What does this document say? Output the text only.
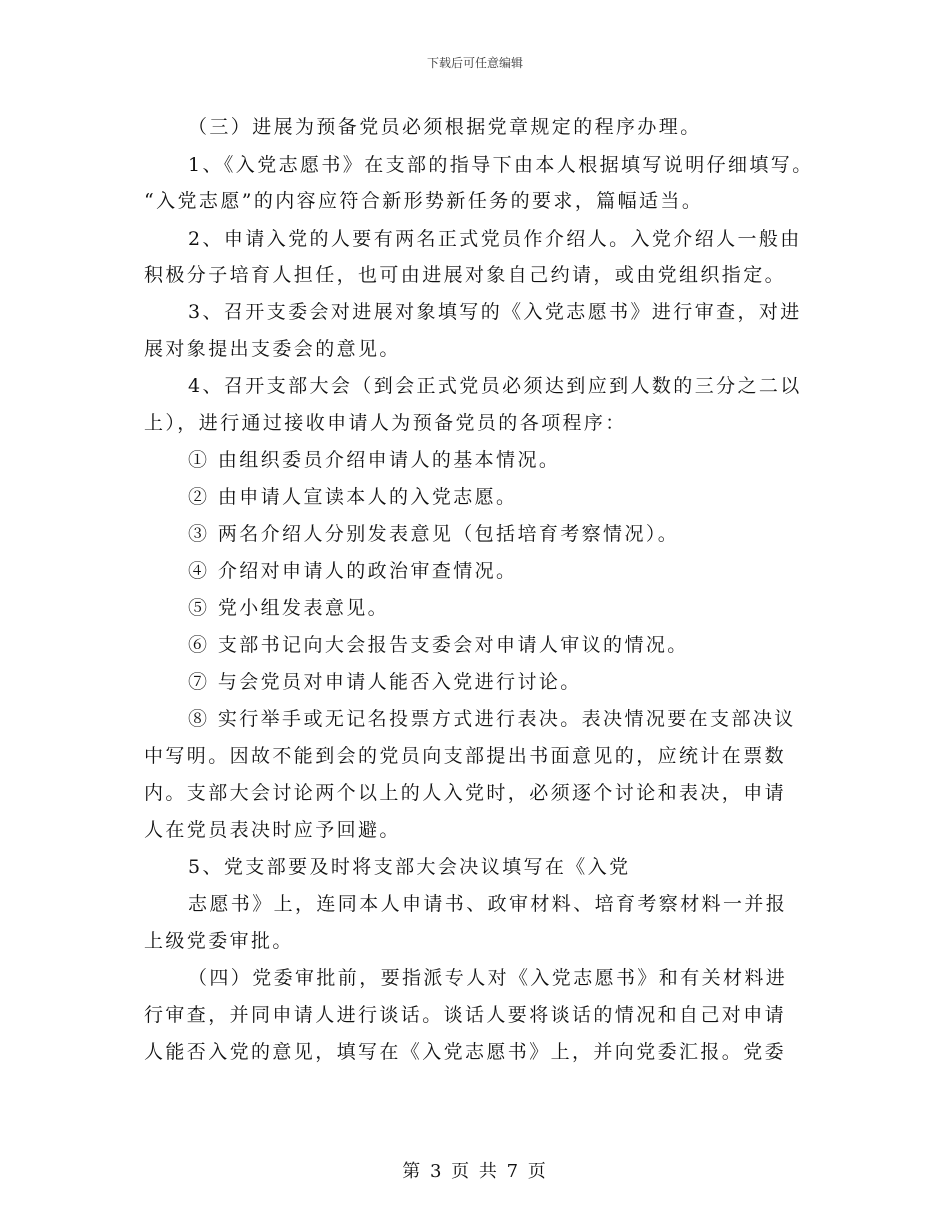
下载后可任意编辑
（三）进展为预备党员必须根据党章规定的程序办理。
1、《入党志愿书》在支部的指导下由本人根据填写说明仔细填写。
“入党志愿”的内容应符合新形势新任务的要求，篇幅适当。
2、申请入党的人要有两名正式党员作介绍人。入党介绍人一般由
积极分子培育人担任，也可由进展对象自己约请，或由党组织指定。
3、召开支委会对进展对象填写的《入党志愿书》进行审查，对进
展对象提出支委会的意见。
4、召开支部大会（到会正式党员必须达到应到人数的三分之二以
上），进行通过接收申请人为预备党员的各项程序：
① 由组织委员介绍申请人的基本情况。
② 由申请人宣读本人的入党志愿。
③ 两名介绍人分别发表意见（包括培育考察情况）。
④ 介绍对申请人的政治审查情况。
⑤ 党小组发表意见。
⑥ 支部书记向大会报告支委会对申请人审议的情况。
⑦ 与会党员对申请人能否入党进行讨论。
⑧ 实行举手或无记名投票方式进行表决。表决情况要在支部决议
中写明。因故不能到会的党员向支部提出书面意见的，应统计在票数
内。支部大会讨论两个以上的人入党时，必须逐个讨论和表决，申请
人在党员表决时应予回避。
5、党支部要及时将支部大会决议填写在《入党
志愿书》上，连同本人申请书、政审材料、培育考察材料一并报
上级党委审批。
（四）党委审批前，要指派专人对《入党志愿书》和有关材料进
行审查，并同申请人进行谈话。谈话人要将谈话的情况和自己对申请
人能否入党的意见，填写在《入党志愿书》上，并向党委汇报。党委
第 3 页 共 7 页
